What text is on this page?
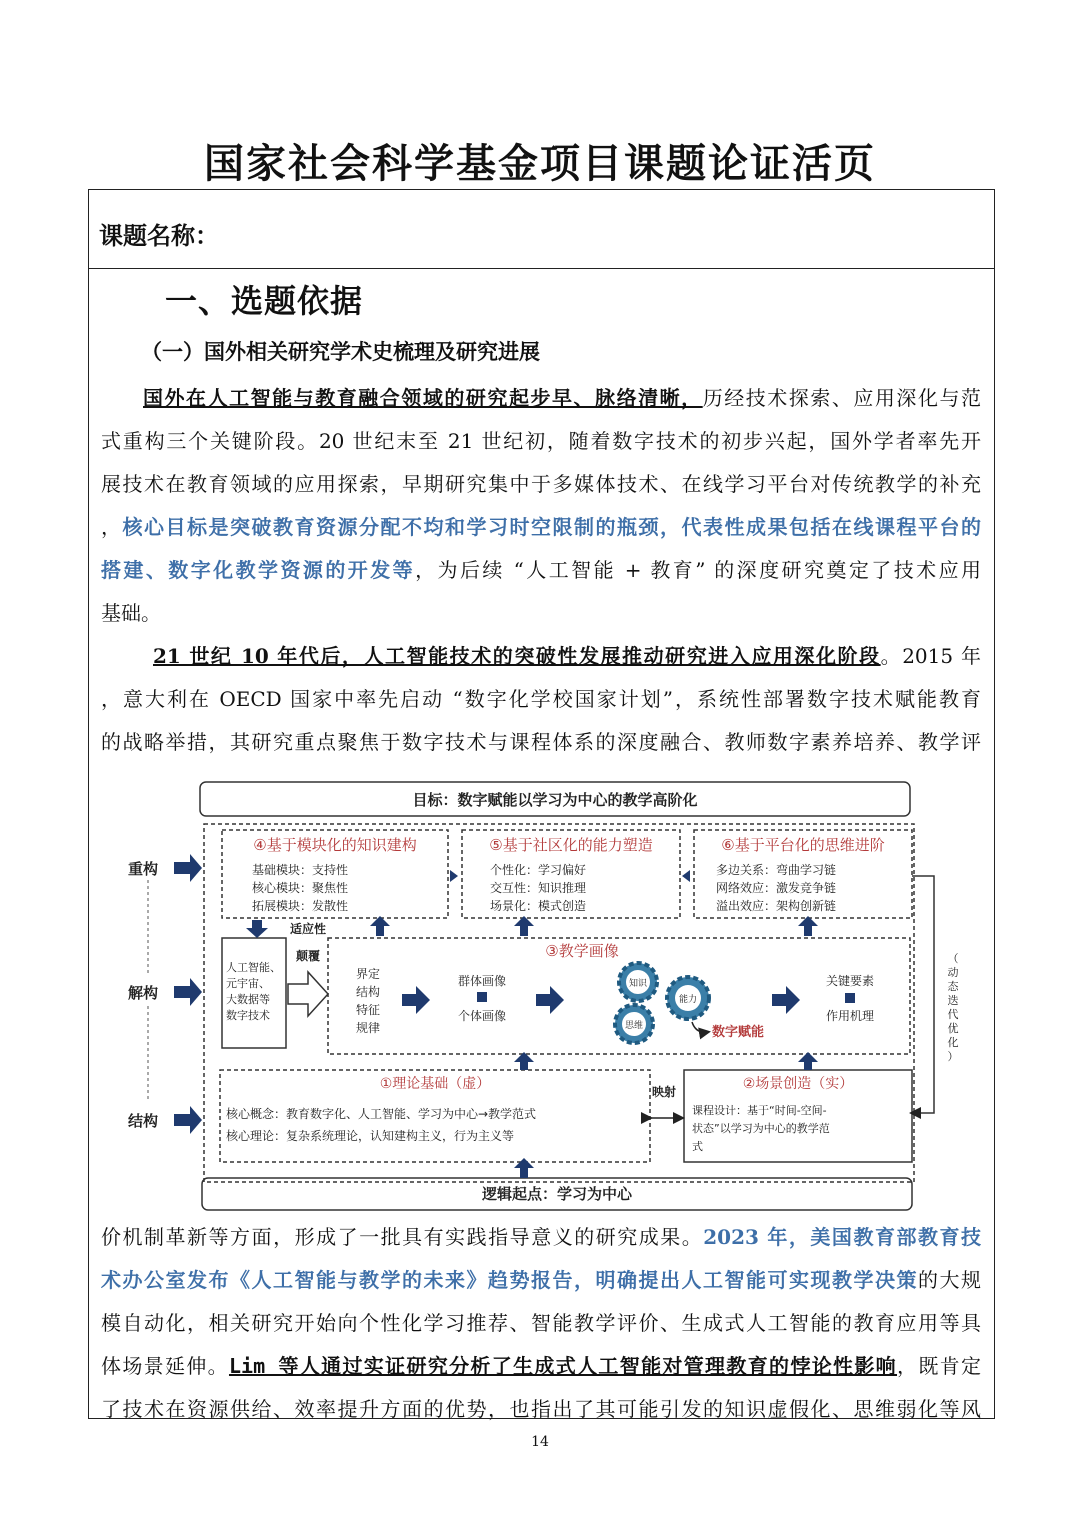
国家社会科学基金项目课题论证活页
课题名称：
一、选题依据
（一）国外相关研究学术史梳理及研究进展
国外在人工智能与教育融合领域的研究起步早、脉络清晰，历经技术探索、应用深化与范
式重构三个关键阶段。20 世纪末至 21 世纪初，随着数字技术的初步兴起，国外学者率先开
展技术在教育领域的应用探索，早期研究集中于多媒体技术、在线学习平台对传统教学的补充
，核心目标是突破教育资源分配不均和学习时空限制的瓶颈，代表性成果包括在线课程平台的
搭建、数字化教学资源的开发等，为后续 “人工智能 + 教育” 的深度研究奠定了技术应用
基础。
21 世纪 10 年代后，人工智能技术的突破性发展推动研究进入应用深化阶段。2015 年
，意大利在 OECD 国家中率先启动 “数字化学校国家计划”，系统性部署数字技术赋能教育
的战略举措，其研究重点聚焦于数字技术与课程体系的深度融合、教师数字素养培养、教学评
价机制革新等方面，形成了一批具有实践指导意义的研究成果。2023 年，美国教育部教育技
术办公室发布《人工智能与教学的未来》趋势报告，明确提出人工智能可实现教学决策的大规
模自动化，相关研究开始向个性化学习推荐、智能教学评价、生成式人工智能的教育应用等具
体场景延伸。Lim 等人通过实证研究分析了生成式人工智能对管理教育的悖论性影响，既肯定
了技术在资源供给、效率提升方面的优势，也指出了其可能引发的知识虚假化、思维弱化等风
重构
解构
结构
目标：数字赋能以学习为中心的教学高阶化
④基于模块化的知识建构
基础模块：支持性
核心模块：聚焦性
拓展模块：发散性
⑤基于社区化的能力塑造
个性化：学习偏好
交互性：知识推理
场景化：模式创造
⑥基于平台化的思维进阶
多边关系：弯曲学习链
网络效应：激发竞争链
溢出效应：架构创新链
适应性
颠覆
人工智能、
元宇宙、
大数据等
数字技术
③教学画像
界定
结构
特征
规律
群体画像
个体画像
知识
能力
思维	数字赋能
关键要素
作用机理
（
动
态
迭
代
优
化
）
①理论基础（虚）
核心概念：教育数字化、人工智能、学习为中心→教学范式
核心理论：复杂系统理论，认知建构主义，行为主义等
映射	②场景创造（实）
课程设计：基于“时间-空间-
状态”以学习为中心的教学范
式
逻辑起点：学习为中心
14
